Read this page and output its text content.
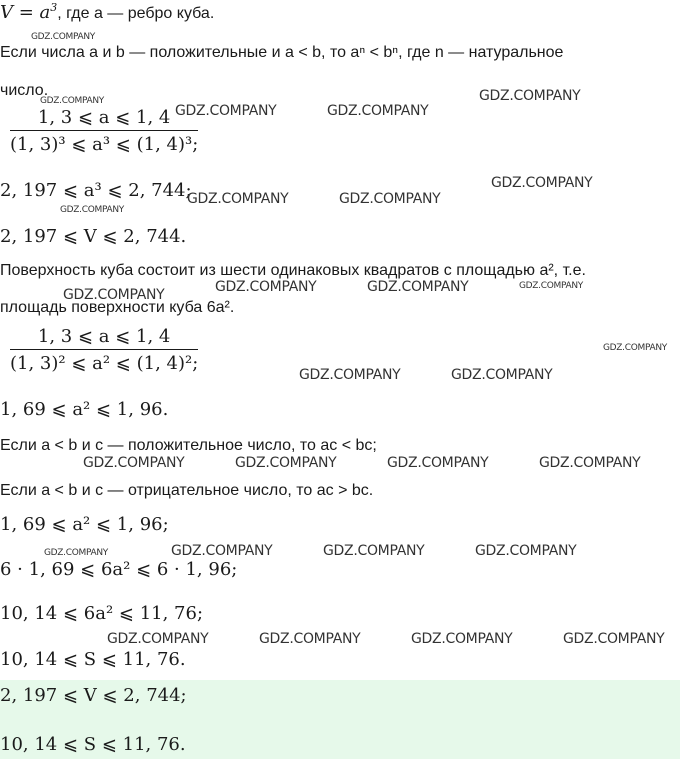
$V = a^3$, где a — ребро куба.
Если числа a и b — положительные и a < b, то aⁿ < bⁿ, где n — натуральное
число.
1, 3 ⩽ a ⩽ 1, 4
(1, 3)³ ⩽ a³ ⩽ (1, 4)³;
2, 197 ⩽ a³ ⩽ 2, 744;
2, 197 ⩽ V ⩽ 2, 744.
Поверхность куба состоит из шести одинаковых квадратов с площадью a², т.е.
площадь поверхности куба 6a².
1, 3 ⩽ a ⩽ 1, 4
(1, 3)² ⩽ a² ⩽ (1, 4)²;
1, 69 ⩽ a² ⩽ 1, 96.
Если a < b и c — положительное число, то ac < bc;
Если a < b и c — отрицательное число, то ac > bc.
1, 69 ⩽ a² ⩽ 1, 96;
6 · 1, 69 ⩽ 6a² ⩽ 6 · 1, 96;
10, 14 ⩽ 6a² ⩽ 11, 76;
10, 14 ⩽ S ⩽ 11, 76.
2, 197 ⩽ V ⩽ 2, 744;
10, 14 ⩽ S ⩽ 11, 76.
GDZ.COMPANY
GDZ.COMPANY
GDZ.COMPANY	GDZ.COMPANY
GDZ.COMPANY
GDZ.COMPANY
GDZ.COMPANY	GDZ.COMPANY
GDZ.COMPANY
GDZ.COMPANY	GDZ.COMPANY	GDZ.COMPANY
GDZ.COMPANY
GDZ.COMPANY
GDZ.COMPANY	GDZ.COMPANY
GDZ.COMPANY	GDZ.COMPANY	GDZ.COMPANY	GDZ.COMPANY
GDZ.COMPANY	GDZ.COMPANY	GDZ.COMPANY	GDZ.COMPANY
GDZ.COMPANY	GDZ.COMPANY	GDZ.COMPANY	GDZ.COMPANY
